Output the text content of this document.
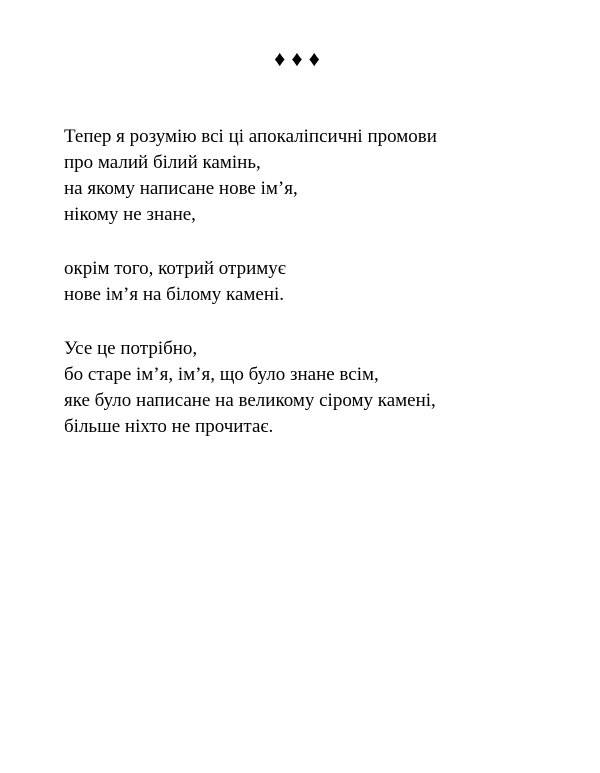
♦♦♦
Тепер я розумію всі ці апокаліпсичні промови
про малий білий камінь,
на якому написане нове ім’я,
нікому не знане,
окрім того, котрий отримує
нове ім’я на білому камені.
Усе це потрібно,
бо старе ім’я, ім’я, що було знане всім,
яке було написане на великому сірому камені,
більше ніхто не прочитає.
